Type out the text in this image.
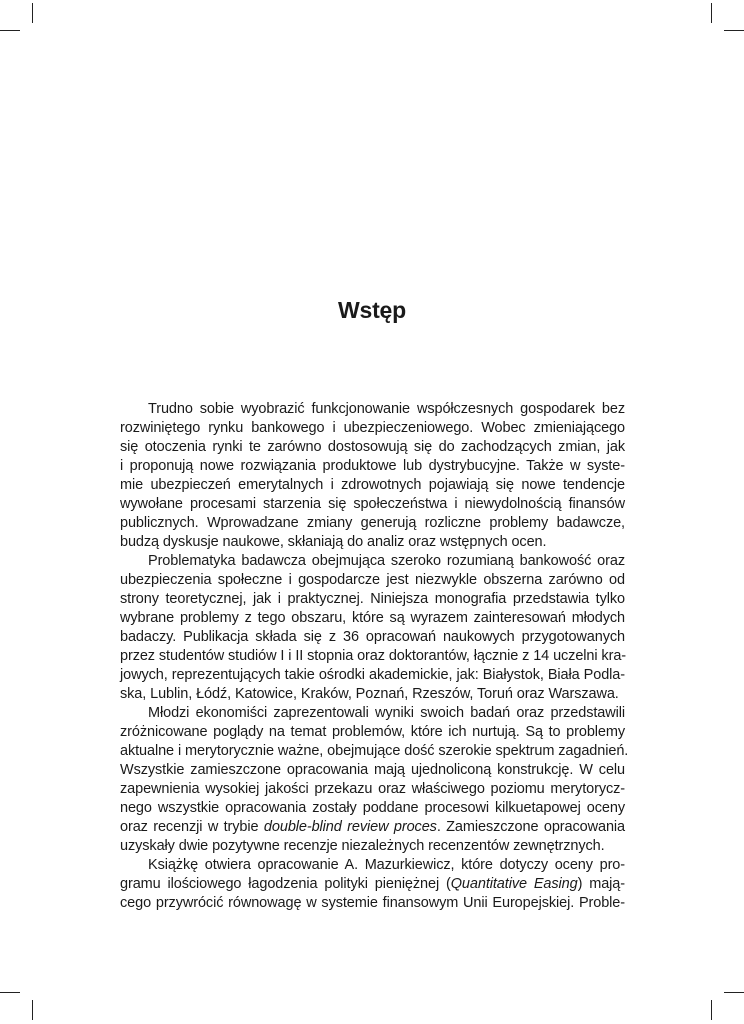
Wstęp
Trudno sobie wyobrazić funkcjonowanie współczesnych gospodarek bez
rozwiniętego rynku bankowego i ubezpieczeniowego. Wobec zmieniającego
się otoczenia rynki te zarówno dostosowują się do zachodzących zmian, jak
i proponują nowe rozwiązania produktowe lub dystrybucyjne. Także w syste-
mie ubezpieczeń emerytalnych i zdrowotnych pojawiają się nowe tendencje
wywołane procesami starzenia się społeczeństwa i niewydolnością finansów
publicznych. Wprowadzane zmiany generują rozliczne problemy badawcze,
budzą dyskusje naukowe, skłaniają do analiz oraz wstępnych ocen.
Problematyka badawcza obejmująca szeroko rozumianą bankowość oraz
ubezpieczenia społeczne i gospodarcze jest niezwykle obszerna zarówno od
strony teoretycznej, jak i praktycznej. Niniejsza monografia przedstawia tylko
wybrane problemy z tego obszaru, które są wyrazem zainteresowań młodych
badaczy. Publikacja składa się z 36 opracowań naukowych przygotowanych
przez studentów studiów I i II stopnia oraz doktorantów, łącznie z 14 uczelni kra-
jowych, reprezentujących takie ośrodki akademickie, jak: Białystok, Biała Podla-
ska, Lublin, Łódź, Katowice, Kraków, Poznań, Rzeszów, Toruń oraz Warszawa.
Młodzi ekonomiści zaprezentowali wyniki swoich badań oraz przedstawili
zróżnicowane poglądy na temat problemów, które ich nurtują. Są to problemy
aktualne i merytorycznie ważne, obejmujące dość szerokie spektrum zagadnień.
Wszystkie zamieszczone opracowania mają ujednoliconą konstrukcję. W celu
zapewnienia wysokiej jakości przekazu oraz właściwego poziomu merytorycz-
nego wszystkie opracowania zostały poddane procesowi kilkuetapowej oceny
oraz recenzji w trybie double-blind review proces. Zamieszczone opracowania
uzyskały dwie pozytywne recenzje niezależnych recenzentów zewnętrznych.
Książkę otwiera opracowanie A. Mazurkiewicz, które dotyczy oceny pro-
gramu ilościowego łagodzenia polityki pieniężnej (Quantitative Easing) mają-
cego przywrócić równowagę w systemie finansowym Unii Europejskiej. Proble-
